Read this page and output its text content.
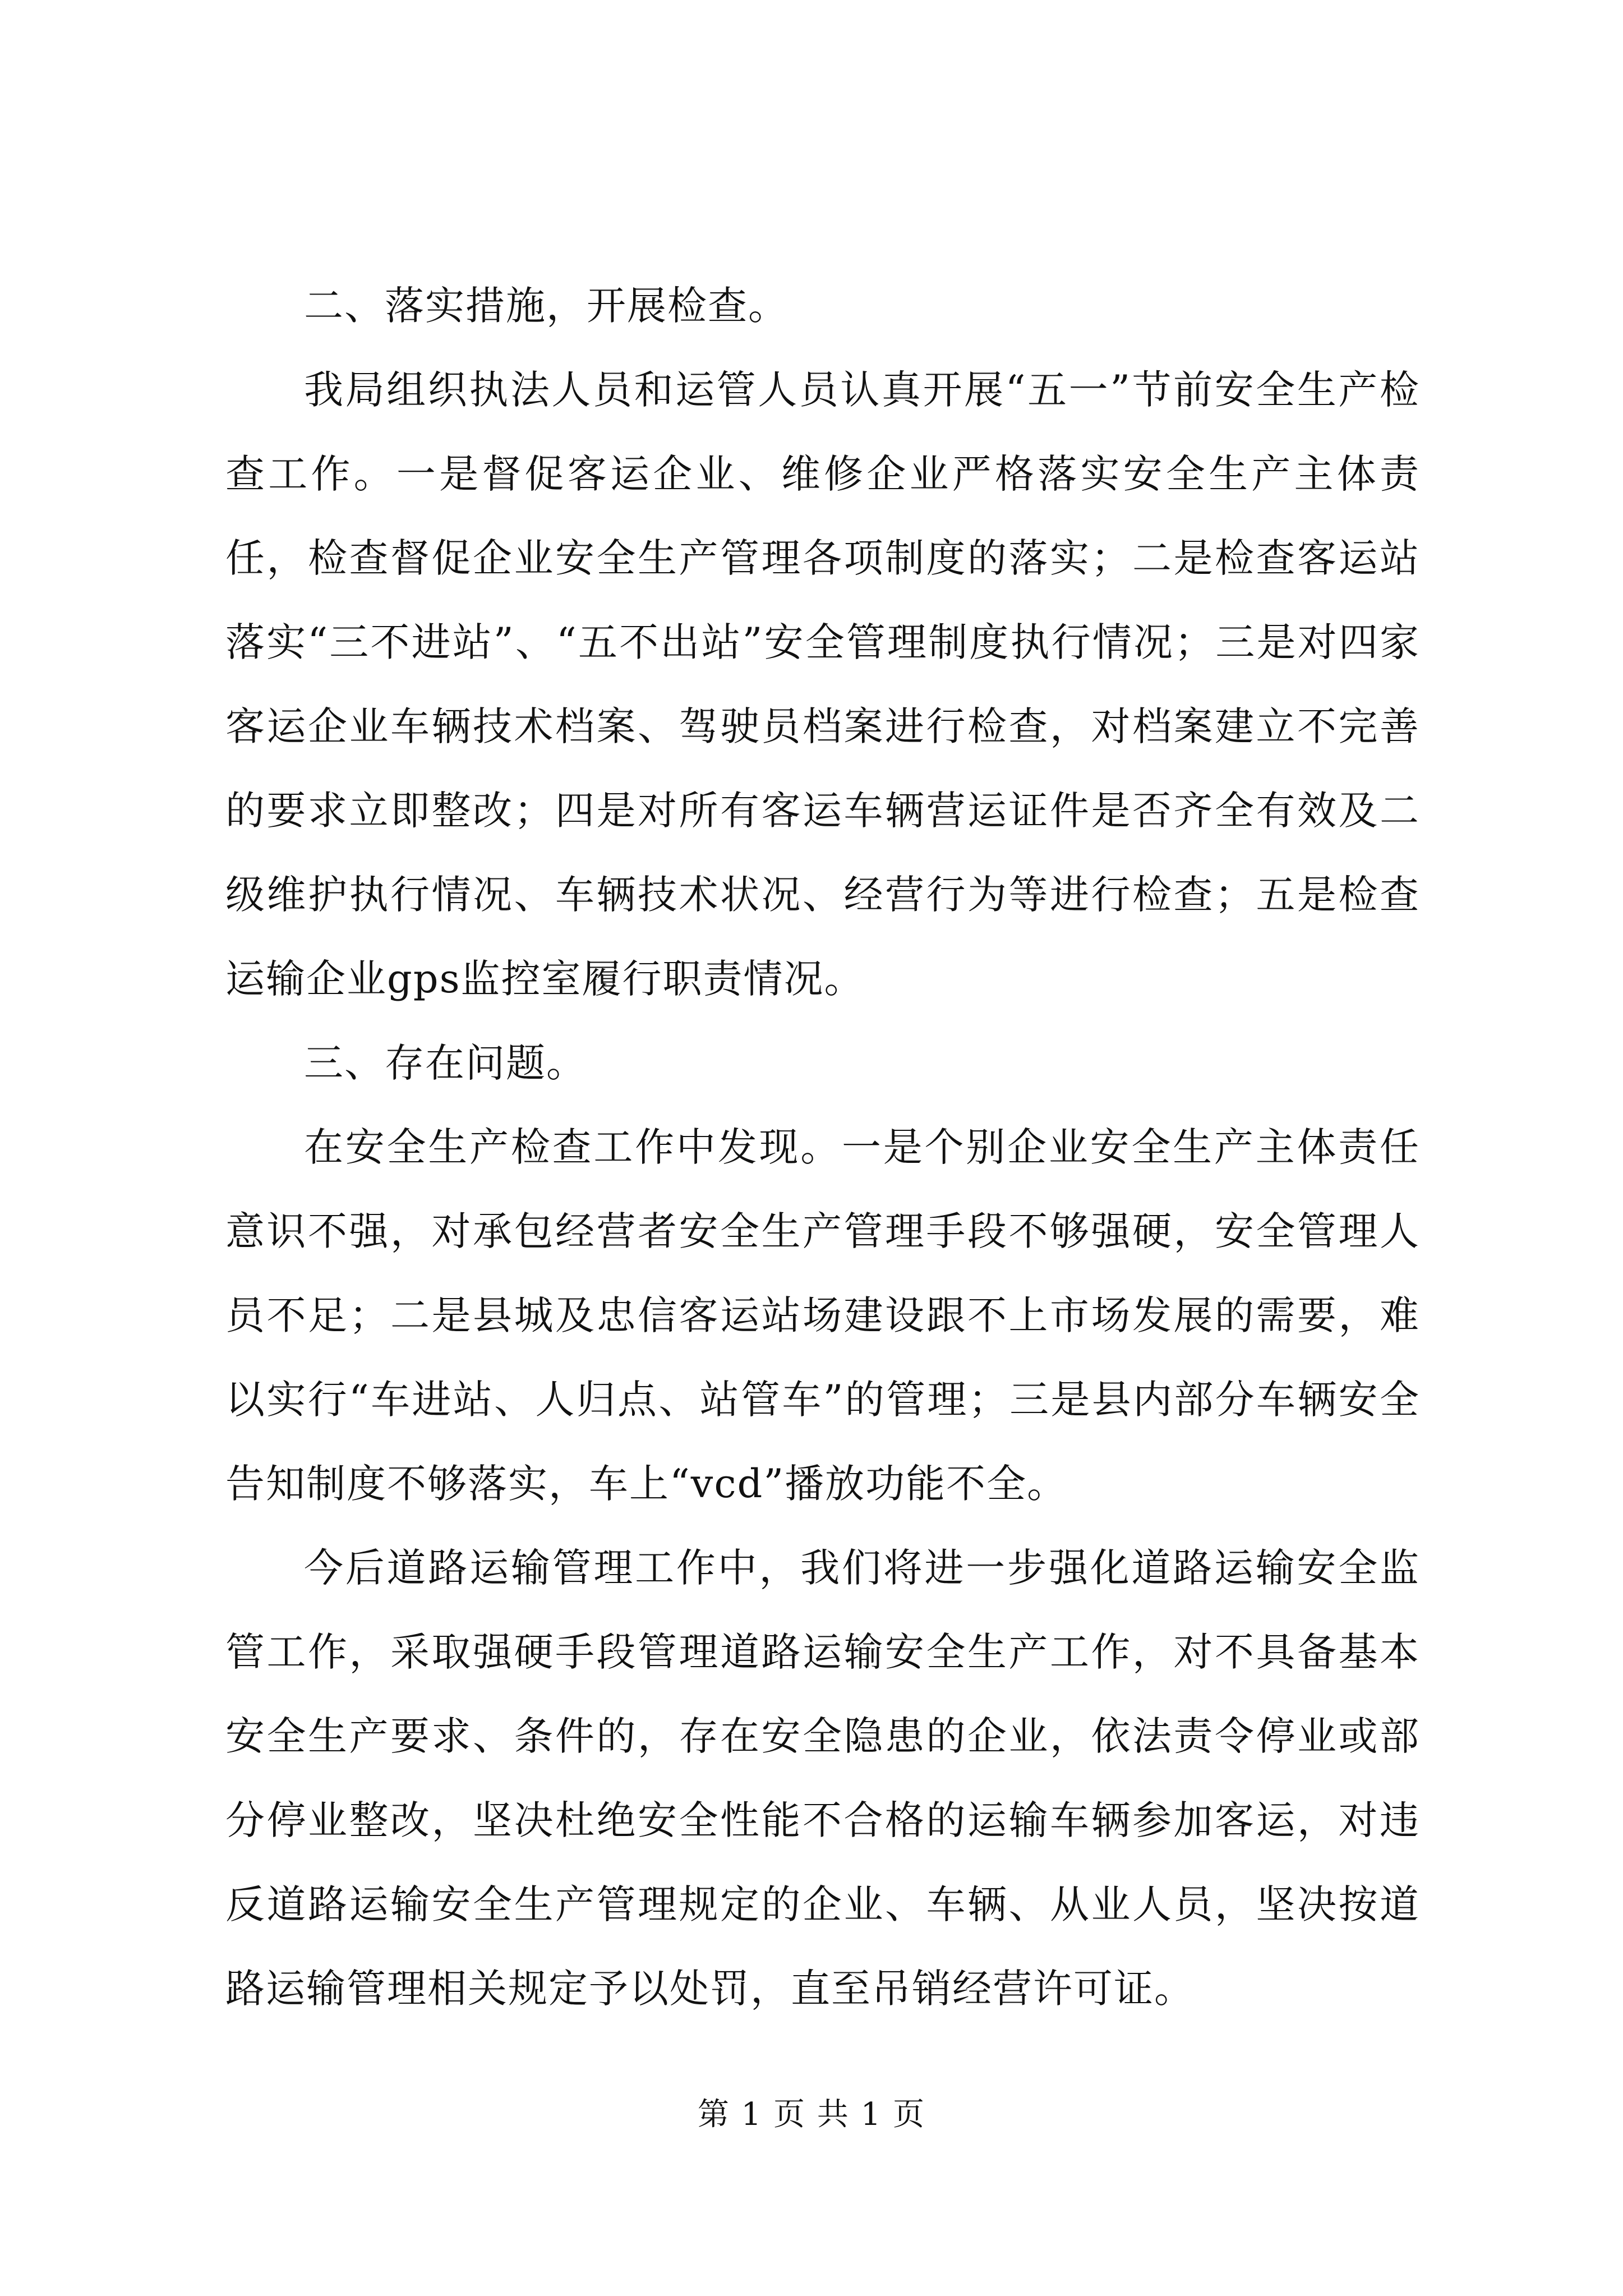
二、落实措施，开展检查。

我局组织执法人员和运管人员认真开展“五一”节前安全生产检查工作。一是督促客运企业、维修企业严格落实安全生产主体责任，检查督促企业安全生产管理各项制度的落实；二是检查客运站落实“三不进站”、“五不出站”安全管理制度执行情况；三是对四家客运企业车辆技术档案、驾驶员档案进行检查，对档案建立不完善的要求立即整改；四是对所有客运车辆营运证件是否齐全有效及二级维护执行情况、车辆技术状况、经营行为等进行检查；五是检查运输企业gps监控室履行职责情况。

三、存在问题。

在安全生产检查工作中发现。一是个别企业安全生产主体责任意识不强，对承包经营者安全生产管理手段不够强硬，安全管理人员不足；二是县城及忠信客运站场建设跟不上市场发展的需要，难以实行“车进站、人归点、站管车”的管理；三是县内部分车辆安全告知制度不够落实，车上“vcd”播放功能不全。

今后道路运输管理工作中，我们将进一步强化道路运输安全监管工作，采取强硬手段管理道路运输安全生产工作，对不具备基本安全生产要求、条件的，存在安全隐患的企业，依法责令停业或部分停业整改，坚决杜绝安全性能不合格的运输车辆参加客运，对违反道路运输安全生产管理规定的企业、车辆、从业人员，坚决按道路运输管理相关规定予以处罚，直至吊销经营许可证。

第 1 页 共 1 页
